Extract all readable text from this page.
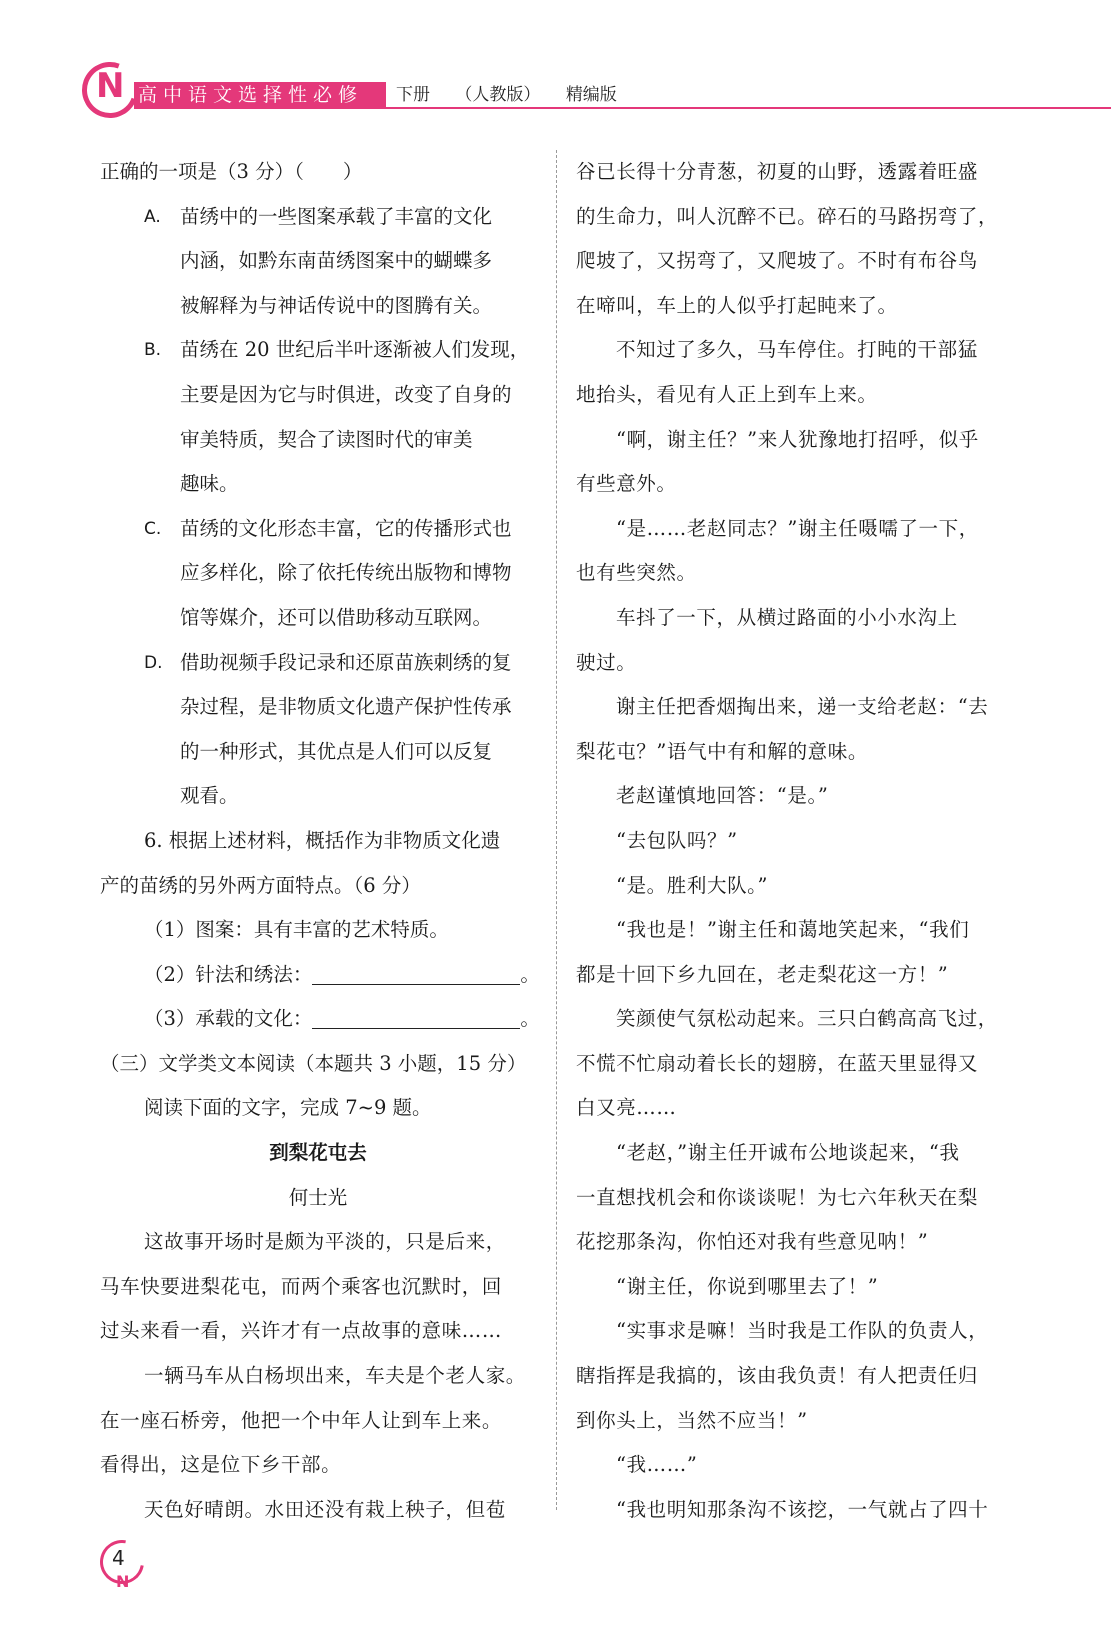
N 高中语文选择性必修	下册 （人教版） 精编版
正确的一项是（3 分）（　　）
A. 苗绣中的一些图案承载了丰富的文化
内涵，如黔东南苗绣图案中的蝴蝶多
被解释为与神话传说中的图腾有关。
B. 苗绣在 20 世纪后半叶逐渐被人们发现，
主要是因为它与时俱进，改变了自身的
审美特质，契合了读图时代的审美
趣味。
C. 苗绣的文化形态丰富，它的传播形式也
应多样化，除了依托传统出版物和博物
馆等媒介，还可以借助移动互联网。
D. 借助视频手段记录和还原苗族刺绣的复
杂过程，是非物质文化遗产保护性传承
的一种形式，其优点是人们可以反复
观看。
6. 根据上述材料，概括作为非物质文化遗
产的苗绣的另外两方面特点。（6 分）
（1）图案：具有丰富的艺术特质。
（2）针法和绣法：	。
（3）承载的文化：	。
（三）文学类文本阅读（本题共 3 小题，15 分）
阅读下面的文字，完成 7~9 题。
到梨花屯去
何士光
这故事开场时是颇为平淡的，只是后来，
马车快要进梨花屯，而两个乘客也沉默时，回
过头来看一看，兴许才有一点故事的意味……
一辆马车从白杨坝出来，车夫是个老人家。
在一座石桥旁，他把一个中年人让到车上来。
看得出，这是位下乡干部。
天色好晴朗。水田还没有栽上秧子，但苞
谷已长得十分青葱，初夏的山野，透露着旺盛
的生命力，叫人沉醉不已。碎石的马路拐弯了，
爬坡了，又拐弯了，又爬坡了。不时有布谷鸟
在啼叫，车上的人似乎打起盹来了。
不知过了多久，马车停住。打盹的干部猛
地抬头，看见有人正上到车上来。
“啊，谢主任？”来人犹豫地打招呼，似乎
有些意外。
“是……老赵同志？”谢主任嗫嚅了一下，
也有些突然。
车抖了一下，从横过路面的小小水沟上
驶过。
谢主任把香烟掏出来，递一支给老赵：“去
梨花屯？”语气中有和解的意味。
老赵谨慎地回答：“是。”
“去包队吗？”
“是。胜利大队。”
“我也是！”谢主任和蔼地笑起来，“我们
都是十回下乡九回在，老走梨花这一方！”
笑颜使气氛松动起来。三只白鹤高高飞过，
不慌不忙扇动着长长的翅膀，在蓝天里显得又
白又亮……
“老赵，”谢主任开诚布公地谈起来，“我
一直想找机会和你谈谈呢！为七六年秋天在梨
花挖那条沟，你怕还对我有些意见呐！”
“谢主任，你说到哪里去了！”
“实事求是嘛！当时我是工作队的负责人，
瞎指挥是我搞的，该由我负责！有人把责任归
到你头上，当然不应当！”
“我……”
“我也明知那条沟不该挖，一气就占了四十
4
N
